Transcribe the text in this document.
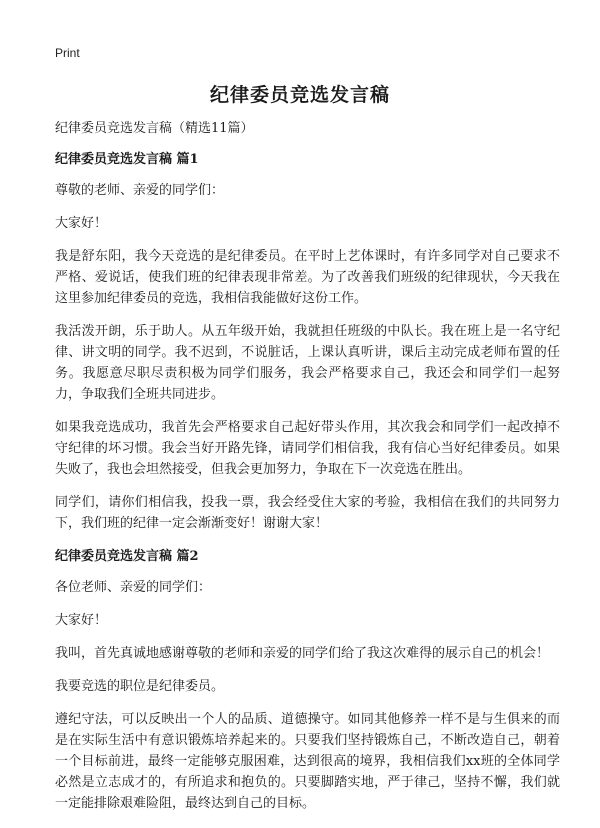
Print
纪律委员竞选发言稿

纪律委员竞选发言稿（精选11篇）

纪律委员竞选发言稿 篇1

尊敬的老师、亲爱的同学们：

大家好！

我是舒东阳，我今天竞选的是纪律委员。在平时上艺体课时，有许多同学对自己要求不严格、爱说话，使我们班的纪律表现非常差。为了改善我们班级的纪律现状，今天我在这里参加纪律委员的竞选，我相信我能做好这份工作。

我活泼开朗，乐于助人。从五年级开始，我就担任班级的中队长。我在班上是一名守纪律、讲文明的同学。我不迟到，不说脏话，上课认真听讲，课后主动完成老师布置的任务。我愿意尽职尽责积极为同学们服务，我会严格要求自己，我还会和同学们一起努力，争取我们全班共同进步。

如果我竞选成功，我首先会严格要求自己起好带头作用，其次我会和同学们一起改掉不守纪律的坏习惯。我会当好开路先锋，请同学们相信我，我有信心当好纪律委员。如果失败了，我也会坦然接受，但我会更加努力，争取在下一次竞选在胜出。

同学们，请你们相信我，投我一票，我会经受住大家的考验，我相信在我们的共同努力下，我们班的纪律一定会渐渐变好！谢谢大家！

纪律委员竞选发言稿 篇2

各位老师、亲爱的同学们：

大家好！

我叫，首先真诚地感谢尊敬的老师和亲爱的同学们给了我这次难得的展示自己的机会！

我要竞选的职位是纪律委员。

遵纪守法，可以反映出一个人的品质、道德操守。如同其他修养一样不是与生俱来的而是在实际生活中有意识锻炼培养起来的。只要我们坚持锻炼自己，不断改造自己，朝着一个目标前进，最终一定能够克服困难，达到很高的境界，我相信我们xx班的全体同学必然是立志成才的，有所追求和抱负的。只要脚踏实地，严于律己，坚持不懈，我们就一定能排除艰难险阻，最终达到自己的目标。
